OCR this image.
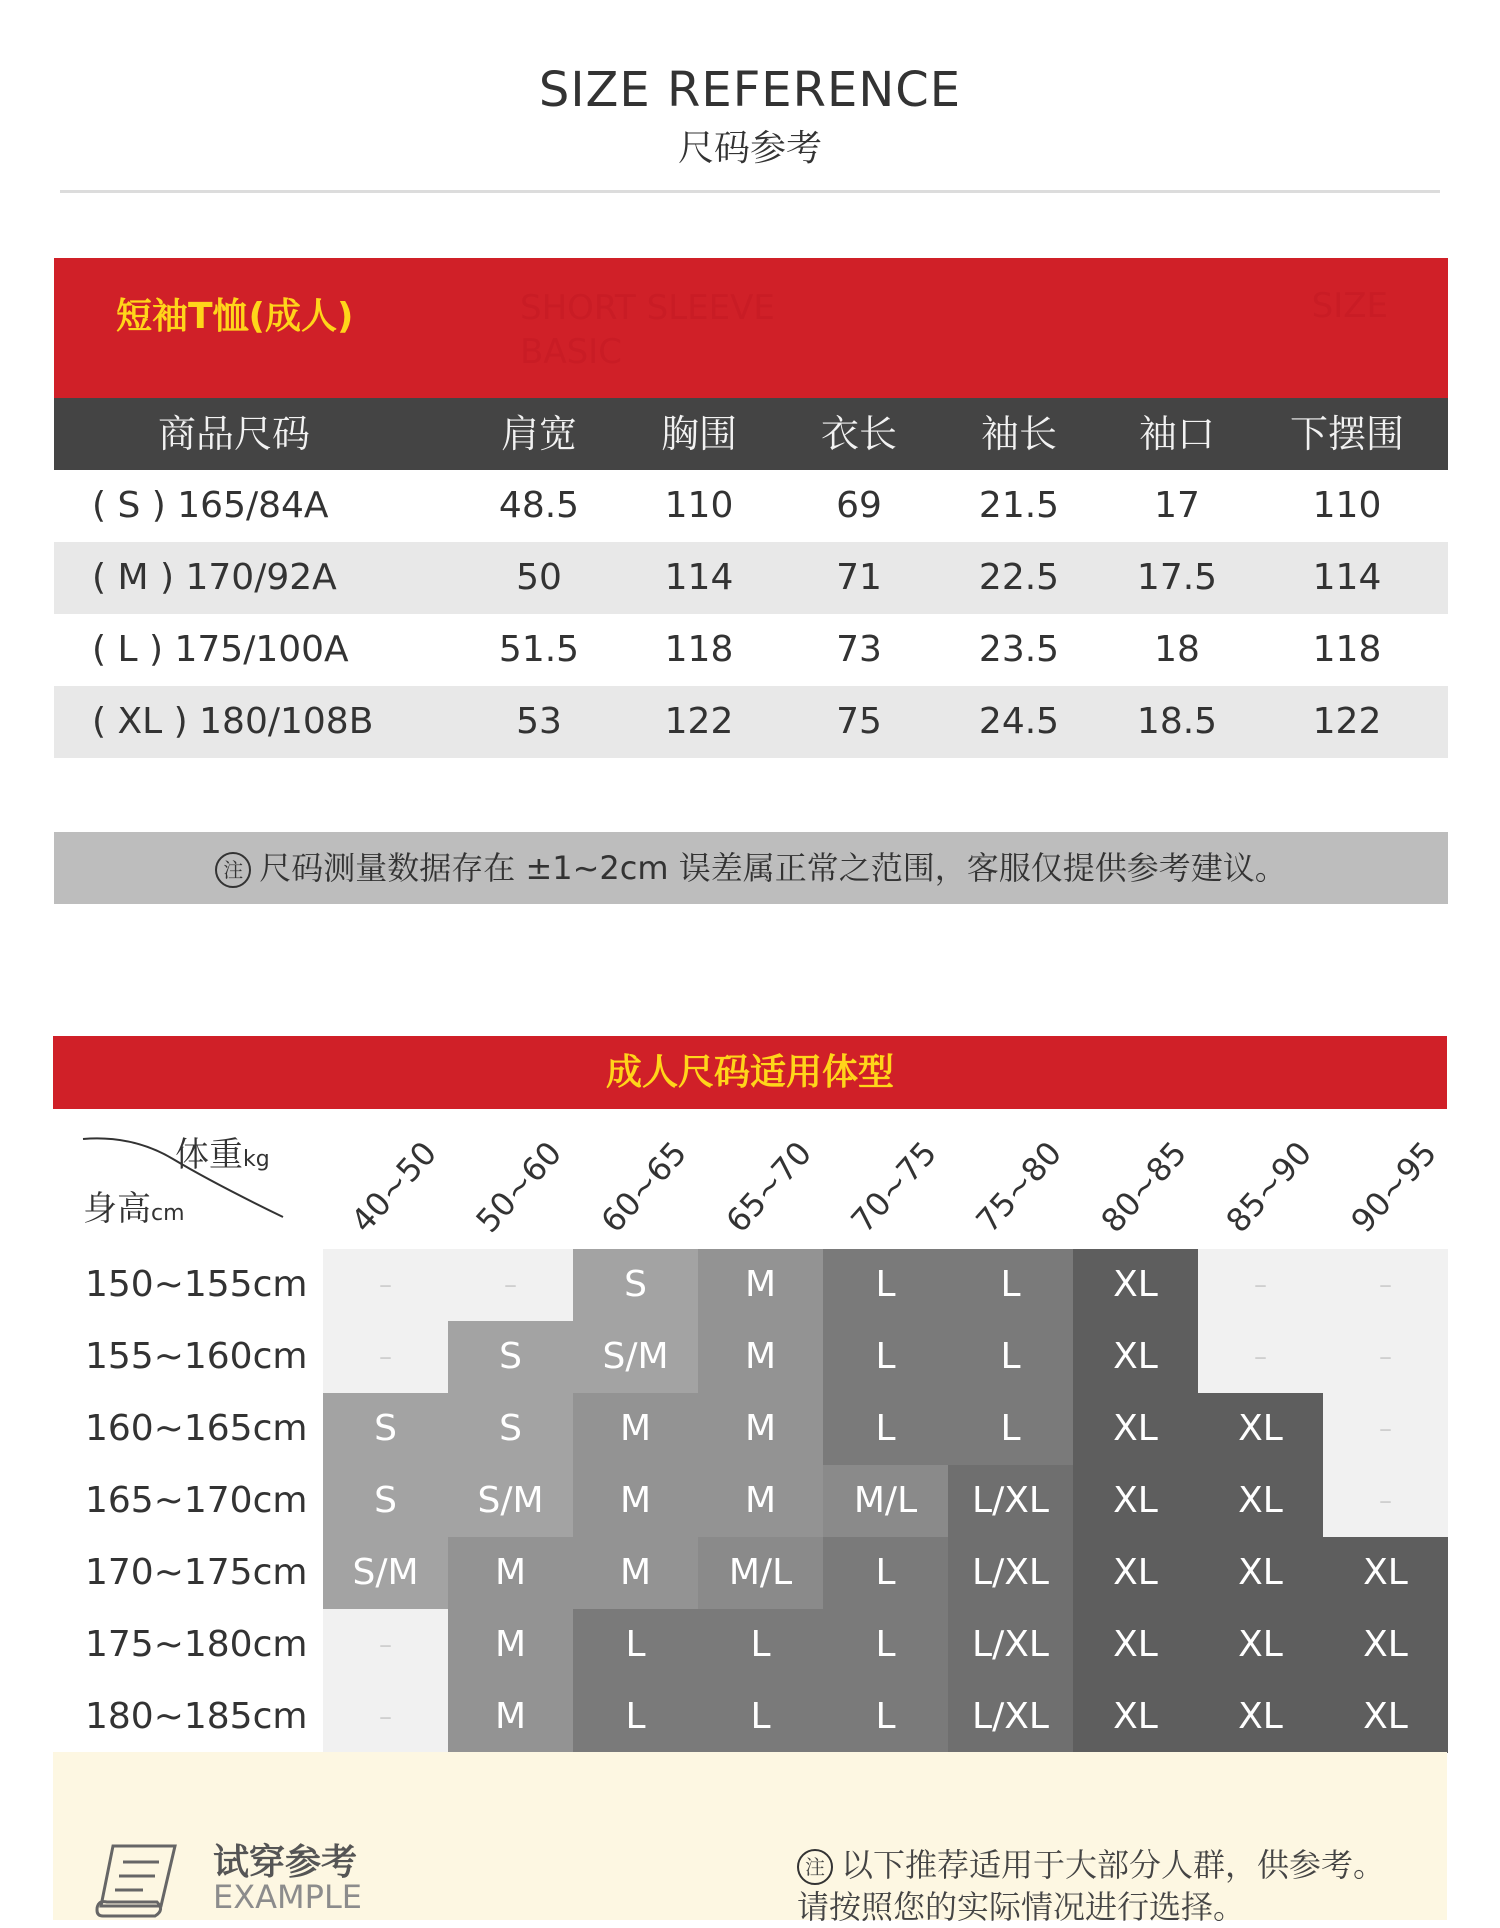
SIZE REFERENCE
尺码参考
短袖T恤(成人)	SHORT SLEEVE BASIC
SIZE
商品尺码	肩宽	胸围	衣长	袖长	袖口	下摆围
( S ) 165/84A	48.5	110	69	21.5	17	110
( M ) 170/92A	50	114	71	22.5	17.5	114
( L ) 175/100A	51.5	118	73	23.5	18	118
( XL ) 180/108B	53	122	75	24.5	18.5	122
注 尺码测量数据存在 ±1~2cm 误差属正常之范围，客服仅提供参考建议。
成人尺码适用体型
体重kg
身高cm	40~50 50~60 60~65 65~70 70~75 75~80 80~85 85~90 90~95
150~155cm	–	–	S	M	L	L	XL	–	–
155~160cm	–	S	S/M	M	L	L	XL	–	–
160~165cm	S	S	M	M	L	L	XL	XL	–
165~170cm	S	S/M	M	M	M/L	L/XL	XL	XL	–
170~175cm	S/M	M	M	M/L	L	L/XL	XL	XL	XL
175~180cm	–	M	L	L	L	L/XL	XL	XL	XL
180~185cm	–	M	L	L	L	L/XL	XL	XL	XL
试穿参考
EXAMPLE
注 以下推荐适用于大部分人群，供参考。
请按照您的实际情况进行选择。
